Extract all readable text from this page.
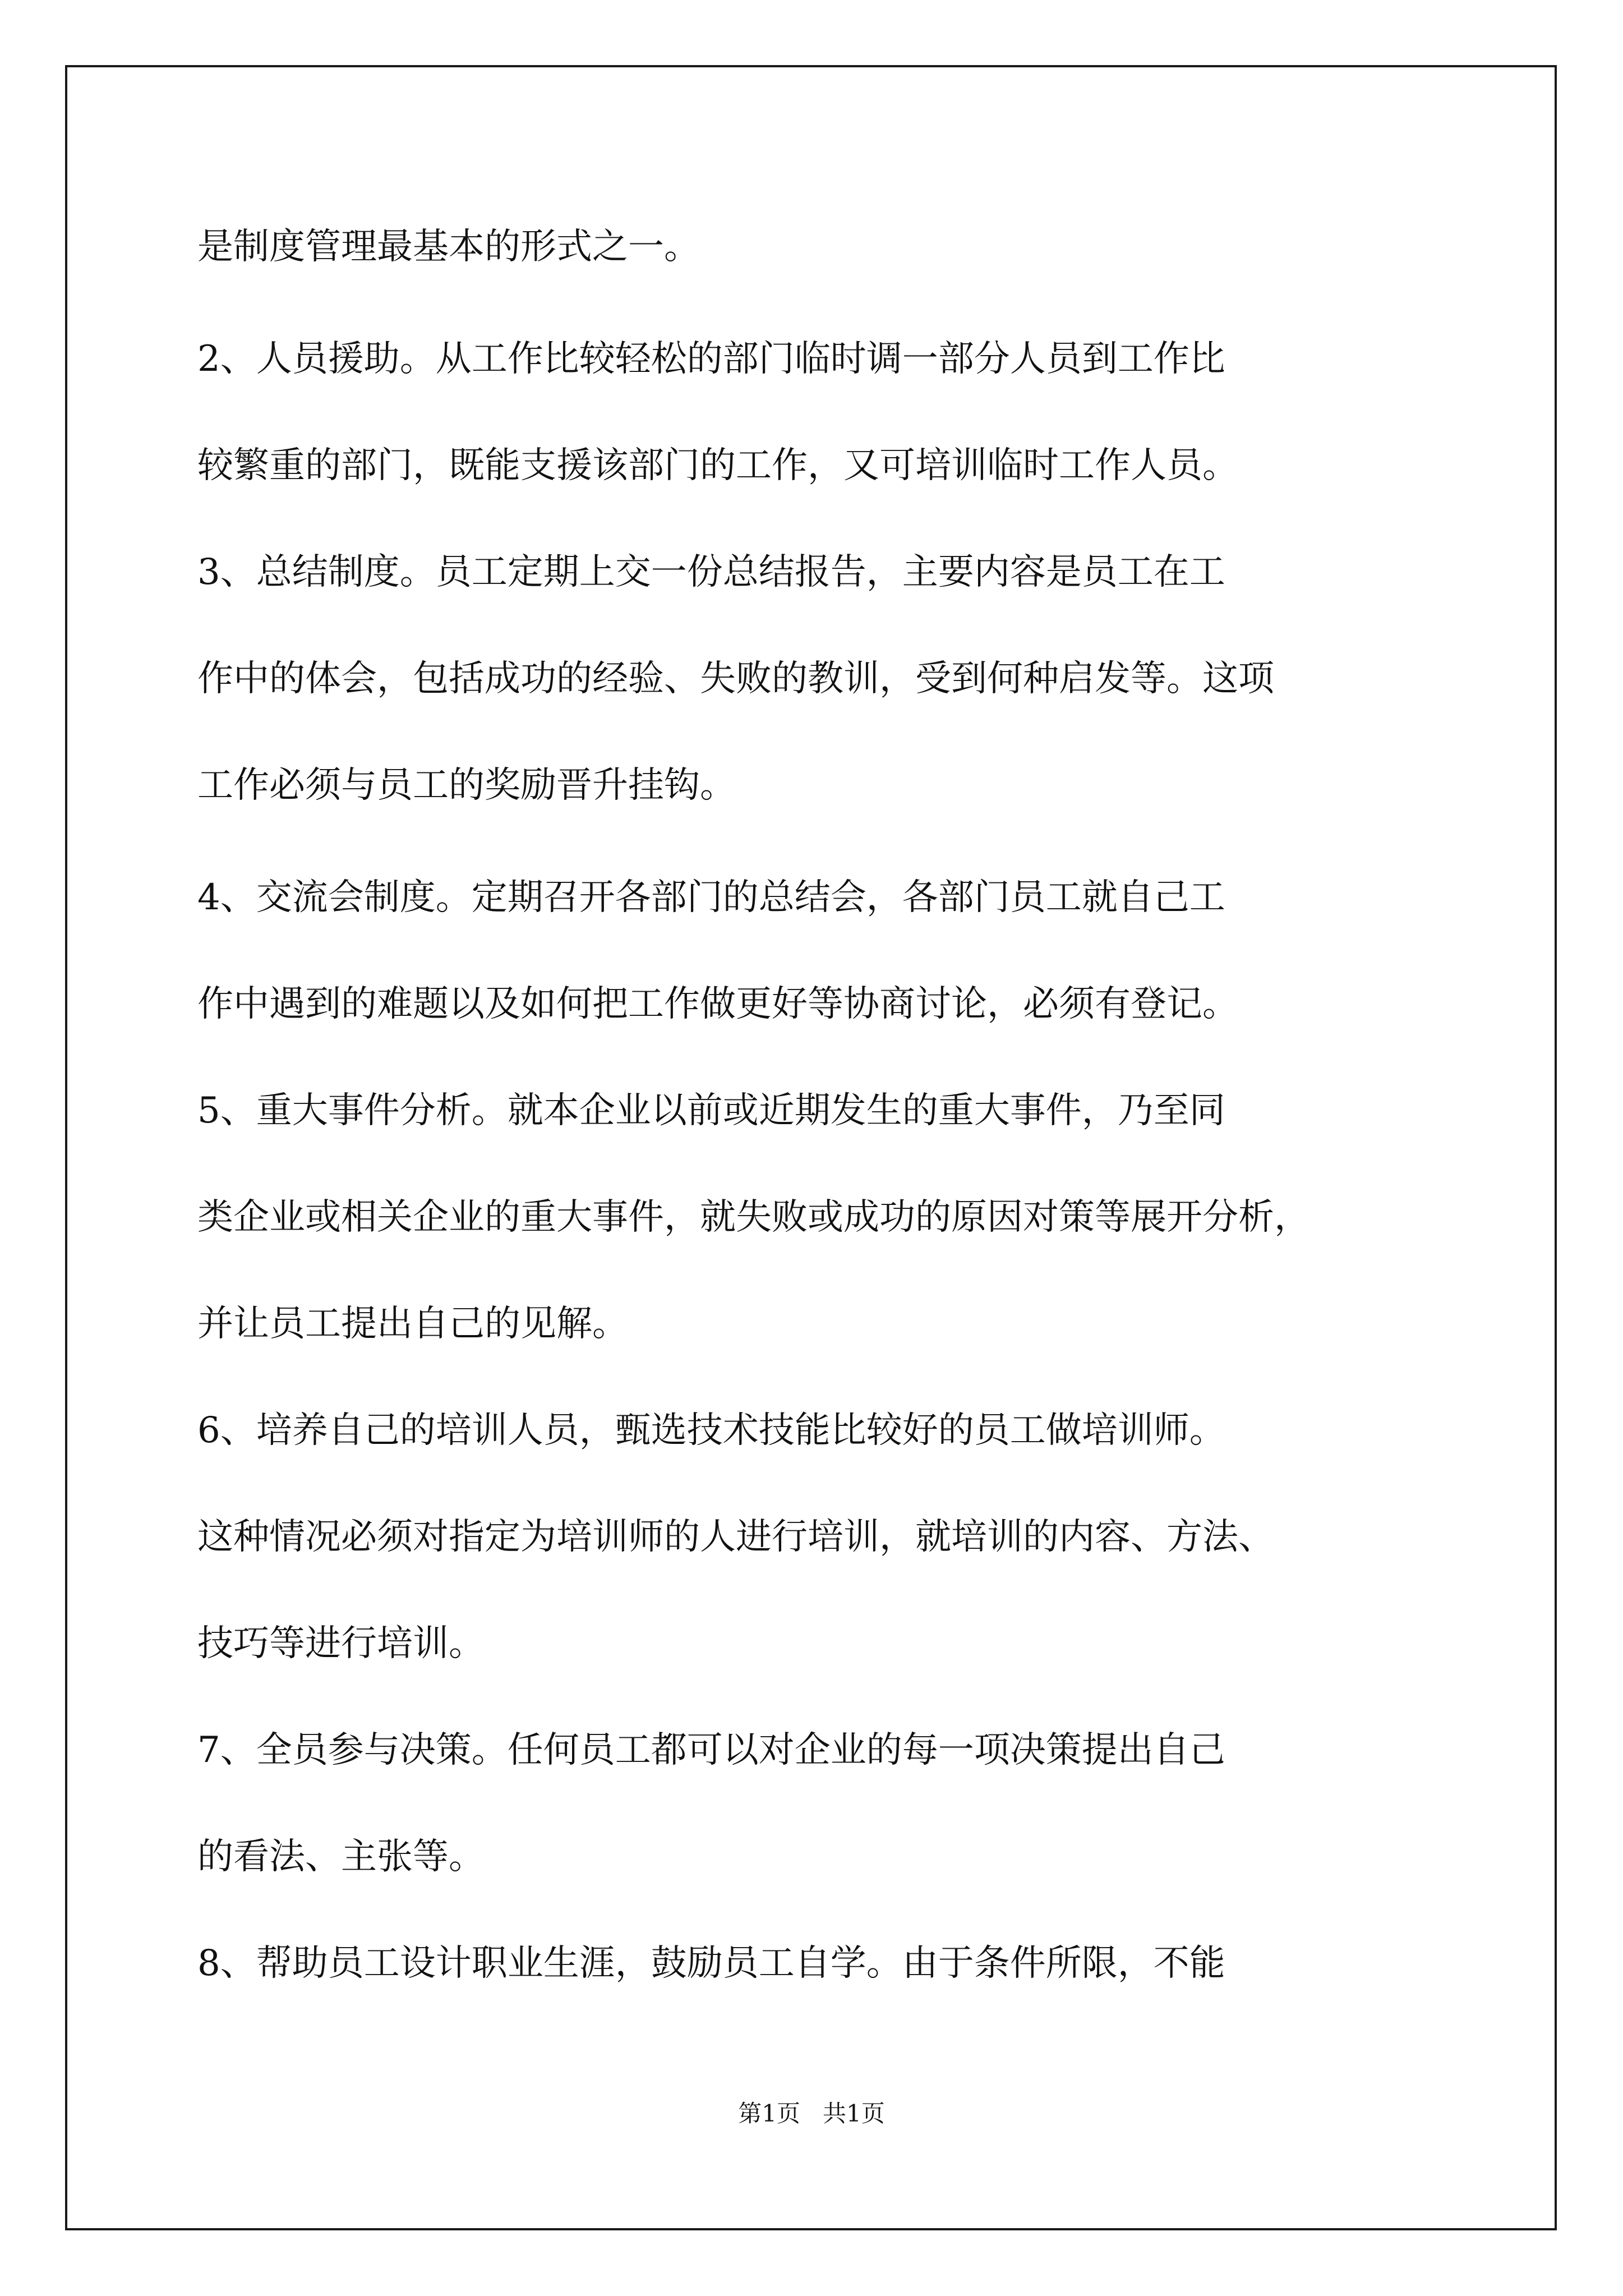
是制度管理最基本的形式之一。
2、人员援助。从工作比较轻松的部门临时调一部分人员到工作比
较繁重的部门，既能支援该部门的工作，又可培训临时工作人员。
3、总结制度。员工定期上交一份总结报告，主要内容是员工在工
作中的体会，包括成功的经验、失败的教训，受到何种启发等。这项
工作必须与员工的奖励晋升挂钩。
4、交流会制度。定期召开各部门的总结会，各部门员工就自己工
作中遇到的难题以及如何把工作做更好等协商讨论，必须有登记。
5、重大事件分析。就本企业以前或近期发生的重大事件，乃至同
类企业或相关企业的重大事件，就失败或成功的原因对策等展开分析，
并让员工提出自己的见解。
6、培养自己的培训人员，甄选技术技能比较好的员工做培训师。
这种情况必须对指定为培训师的人进行培训，就培训的内容、方法、
技巧等进行培训。
7、全员参与决策。任何员工都可以对企业的每一项决策提出自己
的看法、主张等。
8、帮助员工设计职业生涯，鼓励员工自学。由于条件所限，不能
第1页   共1页
